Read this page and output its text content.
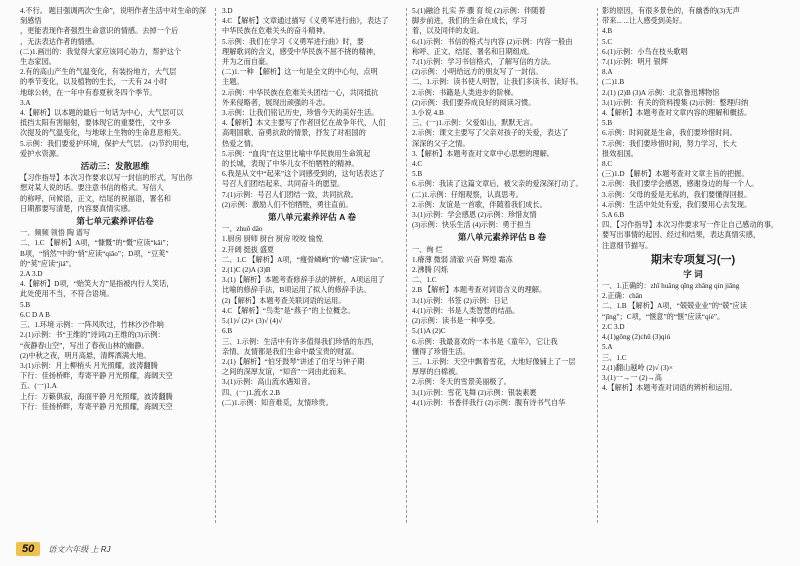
4.不行。 题目强调两次“生命”，说明作者生活中对生命的深刻感悟

，更能表现作者强烈生命意识的情感。去掉一个后

，无法表达作者的情感。

(二)1.画出的：我觉得大家应该同心协力，帮护这个

生态家园。

2.有的高山产生的气温变化，有装扮地方，大气层

的季节变化，以及植物的生长，一天有 24 小时

地球公转，在一年中有春夏秋冬四个季节。

3.A

4.【解析】以本题的最后一句话为中心，大气层可以

抵挡太阳有害辐射，要体现它的重要性，文中多

次提及的气温变化，与地球上生物的生命息息相关。

5.示例：我们要爱护环境，保护大气层。 (2)节约用电，

爱护水资源。

活动三：发散思维

【习作指导】本次习作要求以写一封信的形式，写出你

想对某人说的话。要注意书信的格式。写信人

的称呼，问候语，正文，结尾的祝福语，署名和

日期都要写清楚，内容要真情实感。

第七单元素养评估卷

一、频频 领悟 陶 谱写

二、1.C 【解析】A项，“慷慨”的“慨”应读“kǎi”；

B项，“悄然”中的“悄”应读“qiǎo”；D项，“豆荚”

的“荚”应读“jiá”。

2.A 3.D

4.【解析】D项，“贻笑大方”是指被内行人笑话，

此处使用不当，不符合语境。

5.B

6.C D A B

三、1.环境 示例：一阵风吹过，竹林沙沙作响

2.(1)示例：书“王维的”诗词(2)王维的(3)示例：

“夜静春山空”，写出了春夜山林的幽静。

(2)中秋之夜，明月高悬，清辉洒满大地。

3.(1)示例：月上柳梢头 月光照耀，波涛翻腾

下行：佳扬桥畔，寿寄平静 月光照耀，海阔天空

五、(一)1.A

上行：万籁俱寂，海面平静 月光照耀，波涛翻腾

下行：佳扬桥畔，寿寄平静 月光照耀，海阔天空

3.D

4.C 【解析】文章通过描写《义勇军进行曲》，表达了

中华民族在危难关头的奋斗精神。

5.示例：我们在学习《义勇军进行曲》时，要

理解歌词的含义，感受中华民族不屈不挠的精神，

并为之而自豪。

(二)1.一种 【解析】这一句是全文的中心句，点明

主题。

2.示例：中华民族在危难关头团结一心，共同抵抗

外来侵略者，展现出顽强的斗志。

3.示例：让我们铭记历史，珍惜今天的美好生活。

4.【解析】本文主要写了作者回忆在战争年代，人们

高唱国歌、奋勇抗敌的情景，抒发了对祖国的

热爱之情。

5.示例：“血肉”在这里比喻中华民族用生命筑起

的长城，表现了中华儿女不怕牺牲的精神。

6.我是从文中“起来”这个词感受到的，这句话表达了

号召人们团结起来、共同奋斗的愿望。

7.(1)示例：号召人们团结一致，共同抗敌。

(2)示例：激励人们不怕牺牲，勇往直前。

第八单元素养评估 A 卷

一、zhuō dāo

1.厨房 厨师 厨台 厨房 咬咬 愉悦

2.开阔 挺拔 盛夏

二、1.C 【解析】A项，“瘦骨嶙峋”的“嶙”应读“lín”。

2.(1)C (2)A (3)B

3.(1)【解析】本题考查修辞手法的辨析，A项运用了

比喻的修辞手法，B项运用了拟人的修辞手法。

(2)【解析】本题考查关联词语的运用。

4.C 【解析】“鸟类”是“燕子”的上位概念。

5.(1)√ (2)× (3)√ (4)√

6.B

三、1.示例：生活中有许多值得我们珍惜的东西，

亲情、友情都是我们生命中最宝贵的财富。

2.(1)【解析】“伯牙鼓琴”讲述了伯牙与钟子期

之间的深厚友谊，“知音”一词由此而来。

3.(1)示例：高山流水遇知音。

四、(一)1.流水 2.B

(二)1.示例：知音难觅，友情珍贵。

5.(1)融洽 扎实 养 骤 育 绽 (2)示例：伴随着

脚步前进，我们的生命在成长，学习

着，以及同伴的友谊。

6.(1)示例：书信的格式与内容 (2)示例：内容一般由

称呼、正文、结尾、署名和日期组成。

7.(1)示例：学习书信格式，了解写信的方法。

(2)示例：小明给远方的朋友写了一封信。

二、1.示例：读书使人明智，让我们多读书、读好书。

2.示例：书籍是人类进步的阶梯。

(2)示例：我们要养成良好的阅读习惯。

3.小说 4.B

三、(一)1.示例：父爱如山，默默无言。

2.示例：课文主要写了父亲对孩子的关爱，表达了

深深的父子之情。

3.【解析】本题考查对文章中心思想的理解。

4.C

5.B

6.示例：我读了这篇文章后，被父亲的爱深深打动了。

(二)1.示例：仔细观察，认真思考。

2.示例：友谊是一首歌，伴随着我们成长。

3.(1)示例：学会感恩 (2)示例：珍惜友情

(3)示例：快乐生活 (4)示例：勇于担当

第八单元素养评估 B 卷

一、绚 烂

1.瘠薄 微弱 清澈 兴奋 辉煌 霜冻

2.沸腾 闪烁

二、1.C

2.B 【解析】本题考查对词语含义的理解。

3.(1)示例：书签 (2)示例：日记

4.(1)示例：书是人类智慧的结晶。

(2)示例：读书是一种享受。

5.(1)A (2)C

6.示例：我最喜欢的一本书是《童年》，它让我

懂得了珍惜生活。

三、1.示例：天空中飘着雪花，大地好像铺上了一层

厚厚的白棉被。

2.示例：冬天的雪景美丽极了。

3.(1)示例：雪花飞舞 (2)示例：银装素裹

4.(1)示例：书香伴我行 (2)示例：腹有诗书气自华

影的原因，有很多景色的，有幽香的(3)无声

带来... ...让人感受到美好。

4.B

5.C

6.(1)示例：小鸟在枝头歌唱

7.(1)示例：明月 银辉

8.A

(二)1.B

2.(1) (2)B (3)A 示例：北京鲁迅博物馆

3.(1)示例：有关的资料搜集 (2)示例：整理归纳

4.【解析】本题考查对文章内容的理解和概括。

5.B

6.示例：时间就是生命，我们要珍惜时间。

7.示例：我们要珍惜时间，努力学习，长大

报效祖国。

8.C

(三)1.D 【解析】本题考查对文章主旨的把握。

2.示例：我们要学会感恩，感谢身边的每一个人。

3.示例：父母的爱是无私的，我们要懂得回报。

4.示例：生活中处处有爱，我们要用心去发现。

5.A 6.B

四、【习作指导】本次习作要求写一件让自己感动的事，

要写出事情的起因、经过和结果，表达真情实感，

注意细节描写。

期末专项复习(一)

字 词

一、1.正确的：zhī huǎng qīng zhāng qín jiāng

2.正确：chǎn

二、1.B 【解析】A项，“兢兢业业”的“兢”应读

“jīng”；C项，“惬意”的“惬”应读“qiè”。

2.C 3.D

4.(1)gǒng (2)chǔ (3)qiú

5.A

三、1.C

2.(1)翻山越岭 (2)√ (3)×

3.(1)一→一 (2)→高

4.【解析】本题考查对词语的辨析和运用。

50	语文六年级 上 RJ
